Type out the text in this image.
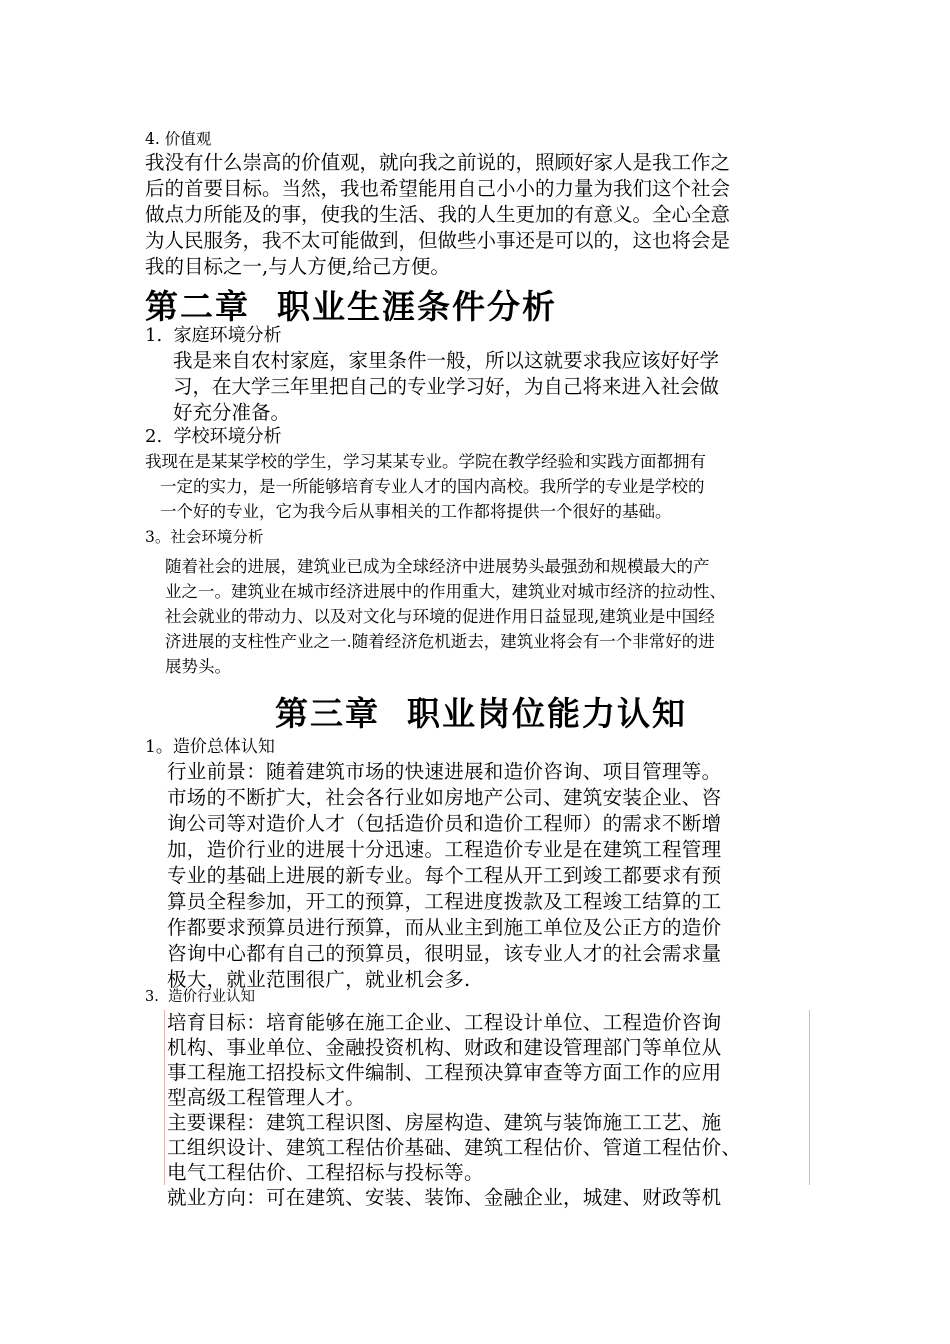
4. 价值观
我没有什么崇高的价值观，就向我之前说的，照顾好家人是我工作之
后的首要目标。当然，我也希望能用自己小小的力量为我们这个社会
做点力所能及的事，使我的生活、我的人生更加的有意义。全心全意
为人民服务，我不太可能做到，但做些小事还是可以的，这也将会是
我的目标之一,与人方便,给己方便。
第二章  职业生涯条件分析
1.  家庭环境分析
我是来自农村家庭，家里条件一般，所以这就要求我应该好好学
习，在大学三年里把自己的专业学习好，为自己将来进入社会做
好充分准备。
2.  学校环境分析
我现在是某某学校的学生，学习某某专业。学院在教学经验和实践方面都拥有
一定的实力，是一所能够培育专业人才的国内高校。我所学的专业是学校的
一个好的专业，它为我今后从事相关的工作都将提供一个很好的基础。
3。社会环境分析
随着社会的进展，建筑业已成为全球经济中进展势头最强劲和规模最大的产
业之一。建筑业在城市经济进展中的作用重大，建筑业对城市经济的拉动性、
社会就业的带动力、以及对文化与环境的促进作用日益显现,建筑业是中国经
济进展的支柱性产业之一.随着经济危机逝去，建筑业将会有一个非常好的进
展势头。
第三章  职业岗位能力认知
1。造价总体认知
行业前景：随着建筑市场的快速进展和造价咨询、项目管理等。
市场的不断扩大，社会各行业如房地产公司、建筑安装企业、咨
询公司等对造价人才（包括造价员和造价工程师）的需求不断增
加，造价行业的进展十分迅速。工程造价专业是在建筑工程管理
专业的基础上进展的新专业。每个工程从开工到竣工都要求有预
算员全程参加，开工的预算，工程进度拨款及工程竣工结算的工
作都要求预算员进行预算，而从业主到施工单位及公正方的造价
咨询中心都有自己的预算员，很明显，该专业人才的社会需求量
极大，就业范围很广，就业机会多.
3.  造价行业认知
培育目标：培育能够在施工企业、工程设计单位、工程造价咨询
机构、事业单位、金融投资机构、财政和建设管理部门等单位从
事工程施工招投标文件编制、工程预决算审查等方面工作的应用
型高级工程管理人才。
主要课程：建筑工程识图、房屋构造、建筑与装饰施工工艺、施
工组织设计、建筑工程估价基础、建筑工程估价、管道工程估价、
电气工程估价、工程招标与投标等。
就业方向：可在建筑、安装、装饰、金融企业，城建、财政等机
